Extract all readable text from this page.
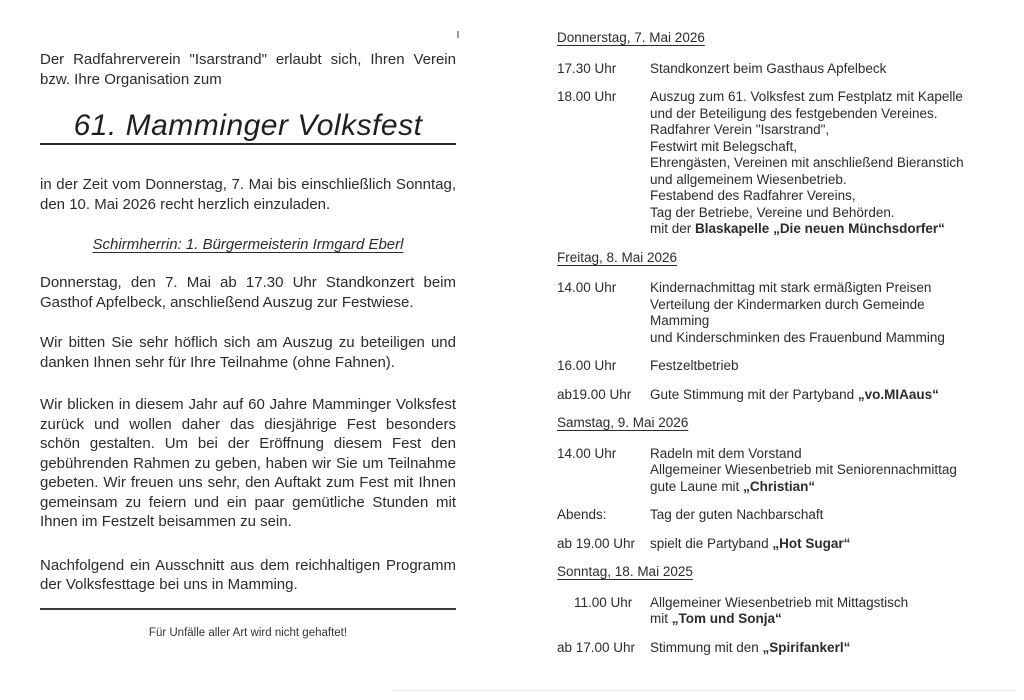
Der Radfahrerverein "Isarstrand" erlaubt sich, Ihren Verein bzw. Ihre Organisation zum

61. Mamminger Volksfest

in der Zeit vom Donnerstag, 7. Mai bis einschließlich Sonntag, den 10. Mai 2026 recht herzlich einzuladen.

Schirmherrin: 1. Bürgermeisterin Irmgard Eberl

Donnerstag, den 7. Mai ab 17.30 Uhr Standkonzert beim Gasthof Apfelbeck, anschließend Auszug zur Festwiese.

Wir bitten Sie sehr höflich sich am Auszug zu beteiligen und danken Ihnen sehr für Ihre Teilnahme (ohne Fahnen).

Wir blicken in diesem Jahr auf 60 Jahre Mamminger Volksfest zurück und wollen daher das diesjährige Fest besonders schön gestalten. Um bei der Eröffnung diesem Fest den gebührenden Rahmen zu geben, haben wir Sie um Teilnahme gebeten. Wir freuen uns sehr, den Auftakt zum Fest mit Ihnen gemeinsam zu feiern und ein paar gemütliche Stunden mit Ihnen im Festzelt beisammen zu sein.

Nachfolgend ein Ausschnitt aus dem reichhaltigen Programm der Volksfesttage bei uns in Mamming.

Für Unfälle aller Art wird nicht gehaftet!
Donnerstag, 7. Mai 2026
17.30 Uhr	Standkonzert beim Gasthaus Apfelbeck
18.00 Uhr	Auszug zum 61. Volksfest zum Festplatz mit Kapelle
und der Beteiligung des festgebenden Vereines.
Radfahrer Verein "Isarstrand",
Festwirt mit Belegschaft,
Ehrengästen, Vereinen mit anschließend Bieranstich
und allgemeinem Wiesenbetrieb.
Festabend des Radfahrer Vereins,
Tag der Betriebe, Vereine und Behörden.
mit der Blaskapelle „Die neuen Münchsdorfer“
Freitag, 8. Mai 2026
14.00 Uhr	Kindernachmittag mit stark ermäßigten Preisen
Verteilung der Kindermarken durch Gemeinde
Mamming
und Kinderschminken des Frauenbund Mamming
16.00 Uhr	Festzeltbetrieb
ab19.00 Uhr	Gute Stimmung mit der Partyband „vo.MIAaus“
Samstag, 9. Mai 2026
14.00 Uhr	Radeln mit dem Vorstand
Allgemeiner Wiesenbetrieb mit Seniorennachmittag
gute Laune mit „Christian“
Abends:	Tag der guten Nachbarschaft
ab 19.00 Uhr	spielt die Partyband „Hot Sugar“
Sonntag, 18. Mai 2025
11.00 Uhr	Allgemeiner Wiesenbetrieb mit Mittagstisch
mit „Tom und Sonja“
ab 17.00 Uhr	Stimmung mit den „Spirifankerl“
